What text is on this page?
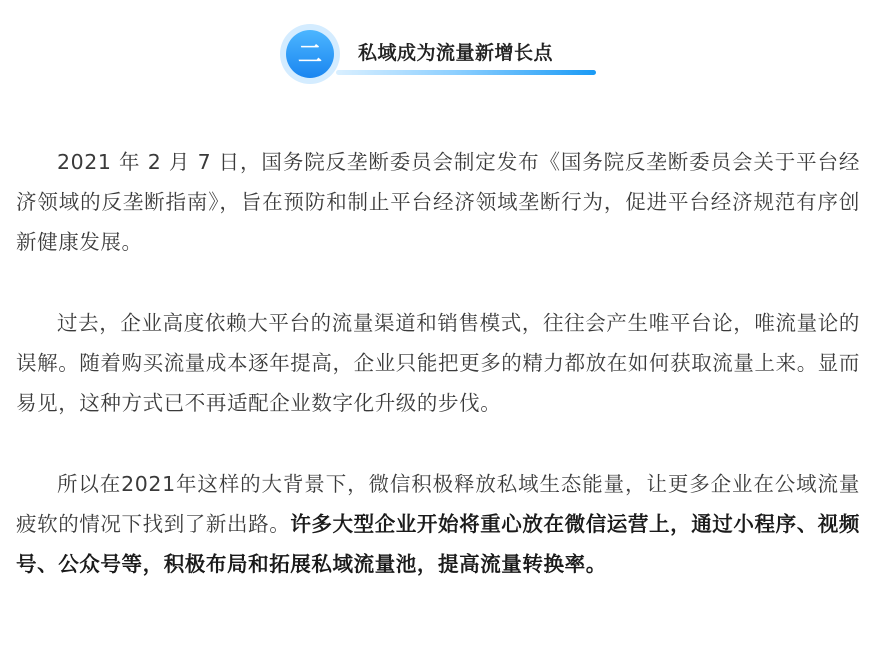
二	私域成为流量新增长点

2021 年 2 月 7 日，国务院反垄断委员会制定发布《国务院反垄断委员会关于平台经济领域的反垄断指南》，旨在预防和制止平台经济领域垄断行为，促进平台经济规范有序创新健康发展。

过去，企业高度依赖大平台的流量渠道和销售模式，往往会产生唯平台论，唯流量论的误解。随着购买流量成本逐年提高，企业只能把更多的精力都放在如何获取流量上来。显而易见，这种方式已不再适配企业数字化升级的步伐。

所以在2021年这样的大背景下，微信积极释放私域生态能量，让更多企业在公域流量疲软的情况下找到了新出路。许多大型企业开始将重心放在微信运营上，通过小程序、视频号、公众号等，积极布局和拓展私域流量池，提高流量转换率。
